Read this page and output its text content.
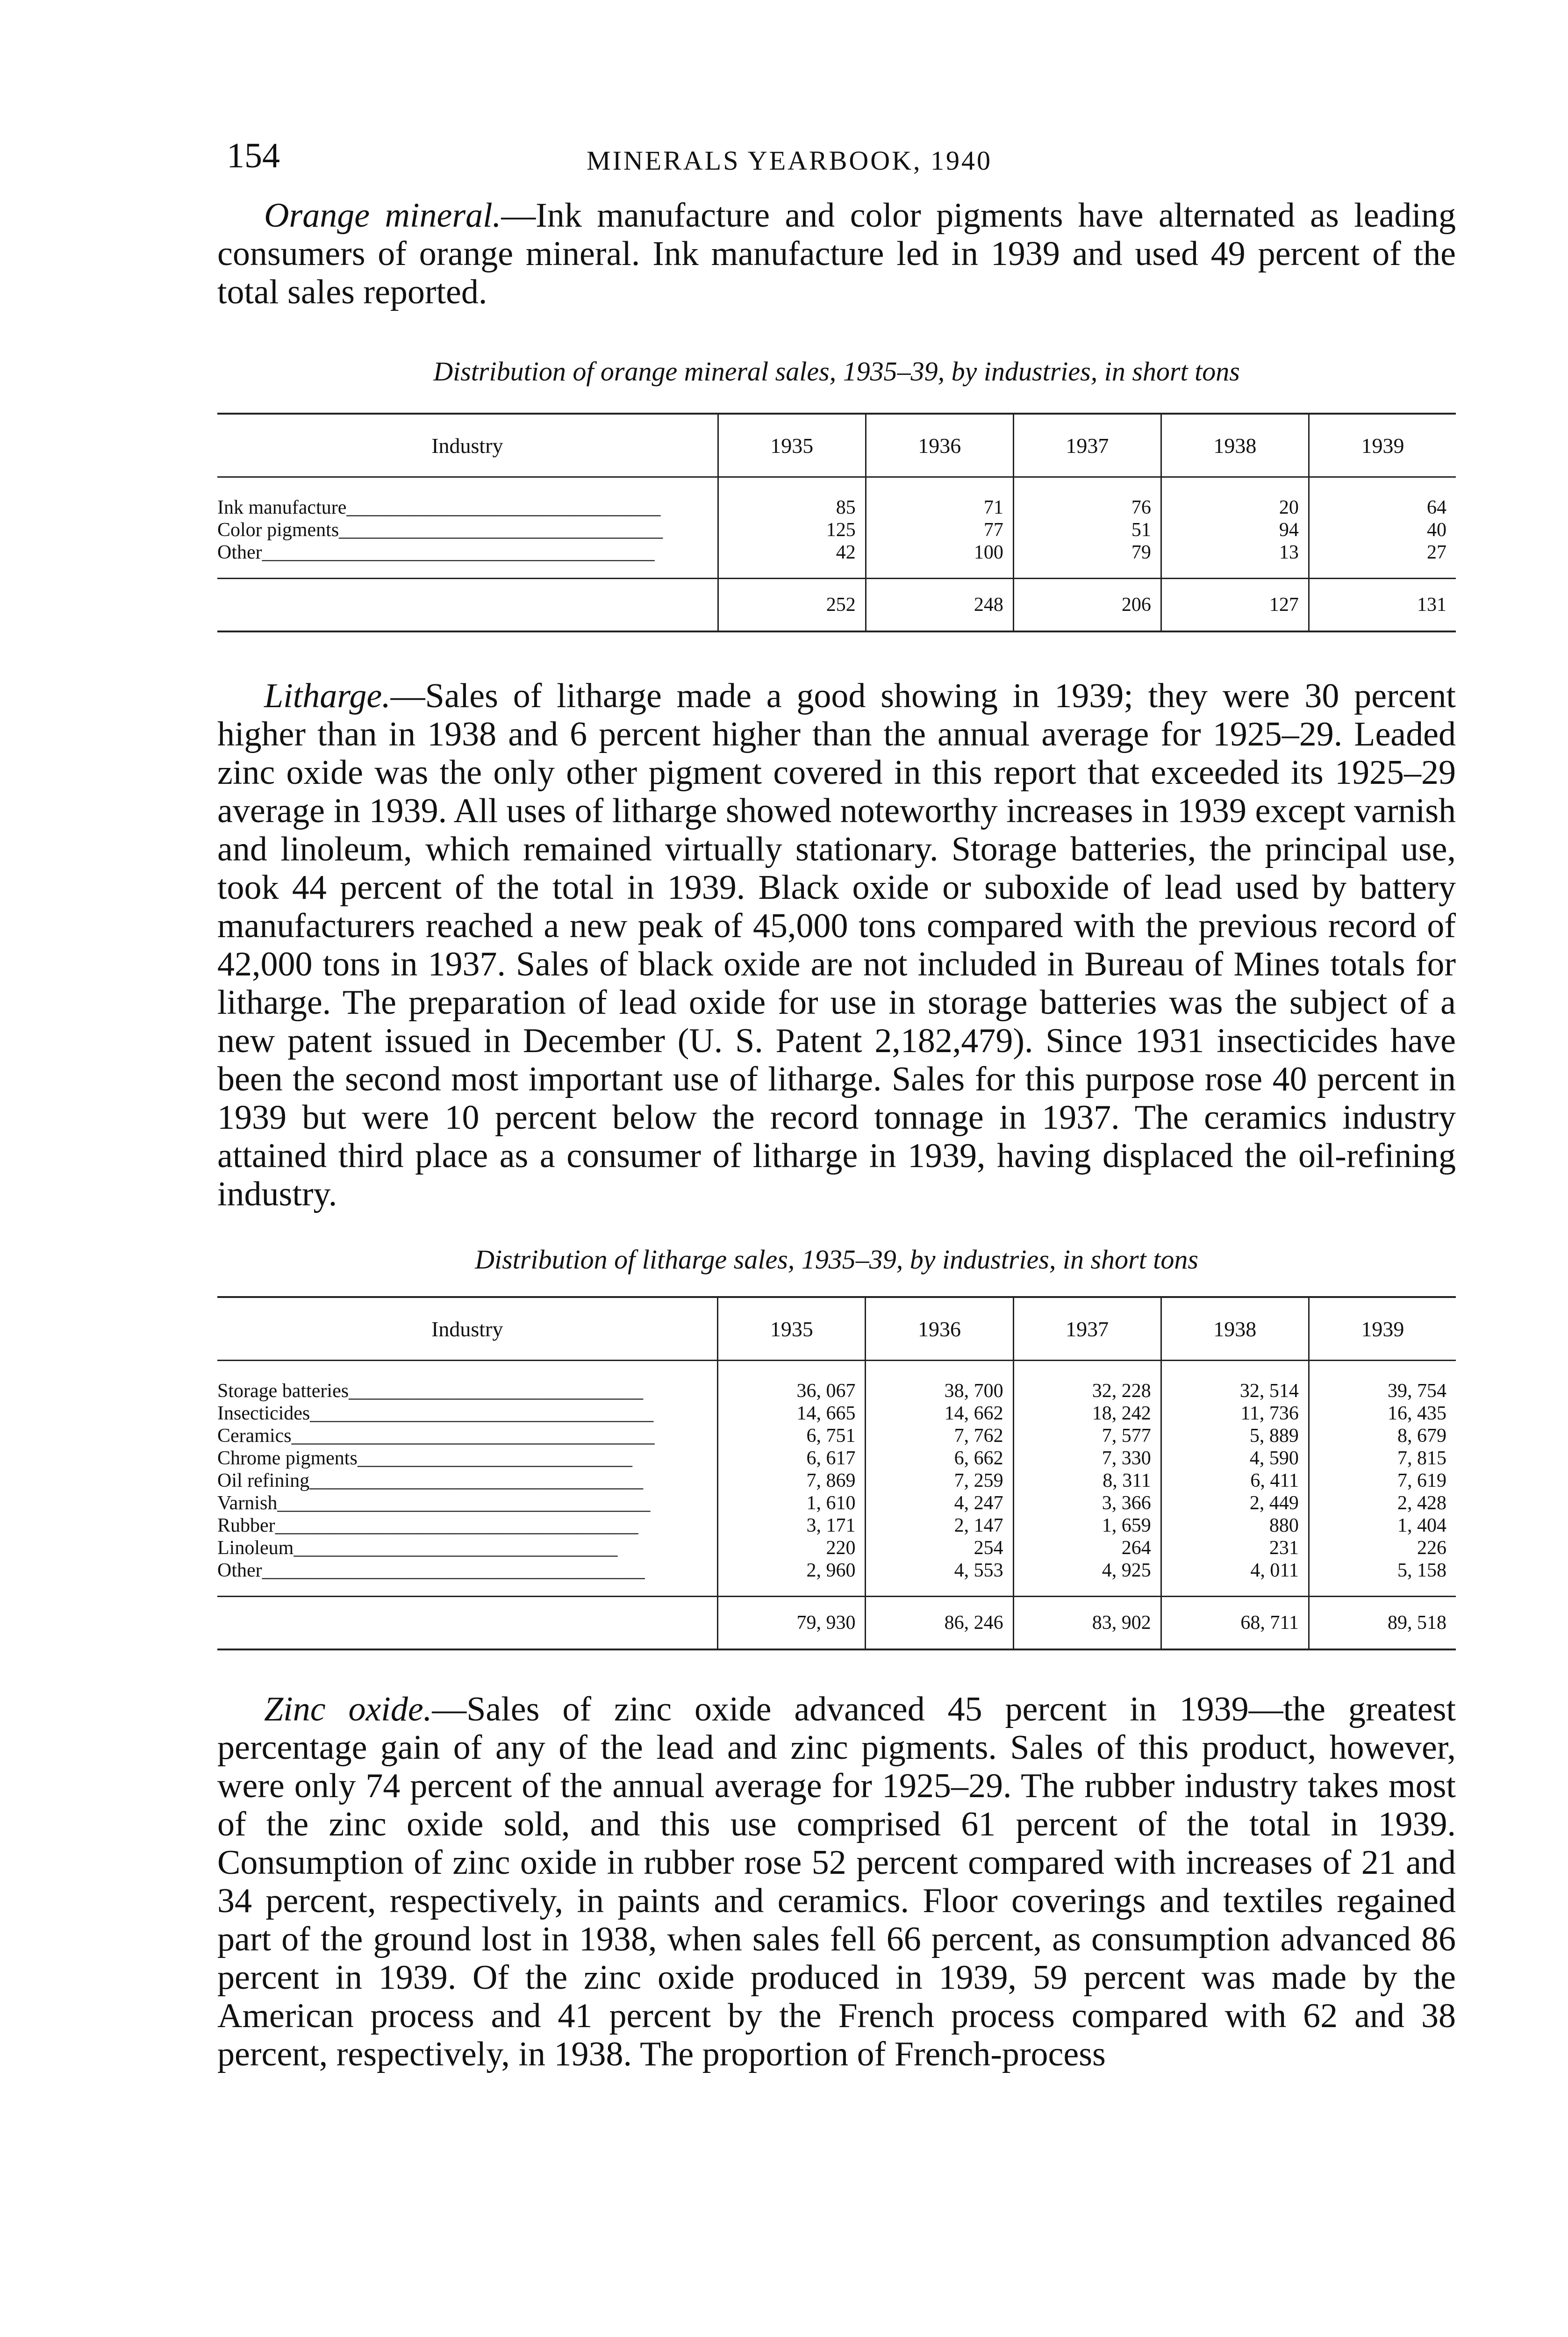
154	MINERALS YEARBOOK, 1940

Orange mineral.—Ink manufacture and color pigments have alternated as leading consumers of orange mineral. Ink manufacture led in 1939 and used 49 percent of the total sales reported.

Distribution of orange mineral sales, 1935–39, by industries, in short tons

Industry	1935	1936	1937	1938	1939
Ink manufacture________________________________	85	71	76	20	64
Color pigments_________________________________	125	77	51	94	40
Other________________________________________	42	100	79	13	27
	252	248	206	127	131

Litharge.—Sales of litharge made a good showing in 1939; they were 30 percent higher than in 1938 and 6 percent higher than the annual average for 1925–29. Leaded zinc oxide was the only other pigment covered in this report that exceeded its 1925–29 average in 1939. All uses of litharge showed noteworthy increases in 1939 except varnish and linoleum, which remained virtually stationary. Storage batteries, the principal use, took 44 percent of the total in 1939. Black oxide or suboxide of lead used by battery manufacturers reached a new peak of 45,000 tons compared with the previous record of 42,000 tons in 1937. Sales of black oxide are not included in Bureau of Mines totals for litharge. The preparation of lead oxide for use in storage batteries was the subject of a new patent issued in December (U. S. Patent 2,182,479). Since 1931 insecticides have been the second most important use of litharge. Sales for this purpose rose 40 percent in 1939 but were 10 percent below the record tonnage in 1937. The ceramics industry attained third place as a consumer of litharge in 1939, having displaced the oil-refining industry.

Distribution of litharge sales, 1935–39, by industries, in short tons

Industry	1935	1936	1937	1938	1939
Storage batteries______________________________	36, 067	38, 700	32, 228	32, 514	39, 754
Insecticides___________________________________	14, 665	14, 662	18, 242	11, 736	16, 435
Ceramics_____________________________________	6, 751	7, 762	7, 577	5, 889	8, 679
Chrome pigments____________________________	6, 617	6, 662	7, 330	4, 590	7, 815
Oil refining__________________________________	7, 869	7, 259	8, 311	6, 411	7, 619
Varnish______________________________________	1, 610	4, 247	3, 366	2, 449	2, 428
Rubber_____________________________________	3, 171	2, 147	1, 659	880	1, 404
Linoleum_________________________________	220	254	264	231	226
Other_______________________________________	2, 960	4, 553	4, 925	4, 011	5, 158
	79, 930	86, 246	83, 902	68, 711	89, 518

Zinc oxide.—Sales of zinc oxide advanced 45 percent in 1939—the greatest percentage gain of any of the lead and zinc pigments. Sales of this product, however, were only 74 percent of the annual average for 1925–29. The rubber industry takes most of the zinc oxide sold, and this use comprised 61 percent of the total in 1939. Consumption of zinc oxide in rubber rose 52 percent compared with increases of 21 and 34 percent, respectively, in paints and ceramics. Floor coverings and textiles regained part of the ground lost in 1938, when sales fell 66 percent, as consumption advanced 86 percent in 1939. Of the zinc oxide produced in 1939, 59 percent was made by the American process and 41 percent by the French process compared with 62 and 38 percent, respectively, in 1938. The proportion of French-process
